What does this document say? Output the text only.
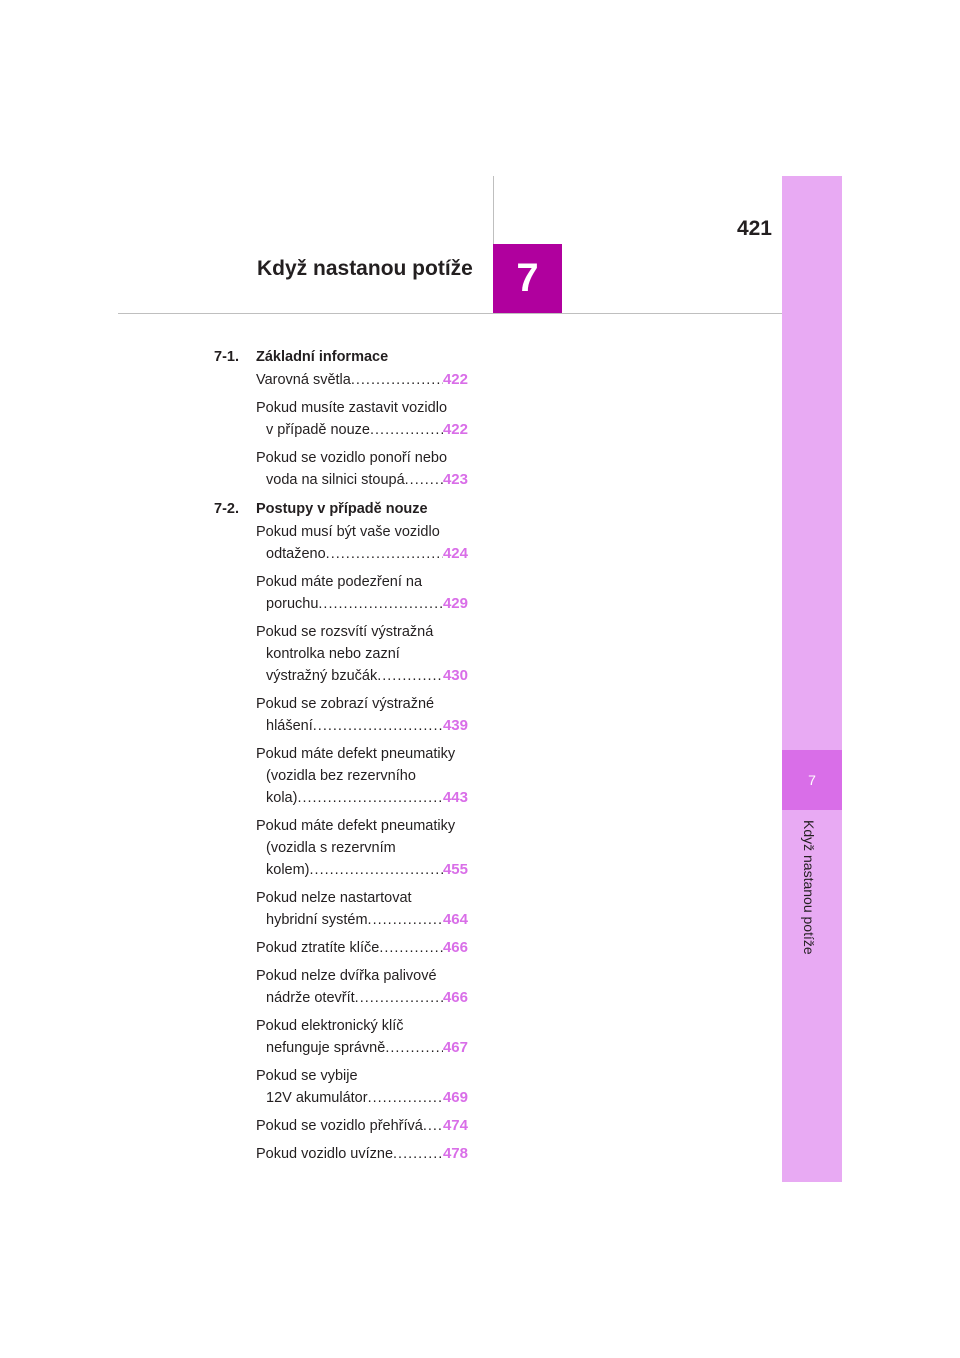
421
Když nastanou potíže	7
7
Když nastanou potíže
7-1.	Základní informace
Varovná světla .....	422
Pokud musíte zastavit vozidlo
v případě nouze .....	422
Pokud se vozidlo ponoří nebo
voda na silnici stoupá .....	423
7-2.	Postupy v případě nouze
Pokud musí být vaše vozidlo
odtaženo .....	424
Pokud máte podezření na
poruchu .....	429
Pokud se rozsvítí výstražná
kontrolka nebo zazní
výstražný bzučák .....	430
Pokud se zobrazí výstražné
hlášení .....	439
Pokud máte defekt pneumatiky
(vozidla bez rezervního
kola) .....	443
Pokud máte defekt pneumatiky
(vozidla s rezervním
kolem) .....	455
Pokud nelze nastartovat
hybridní systém .....	464
Pokud ztratíte klíče .....	466
Pokud nelze dvířka palivové
nádrže otevřít .....	466
Pokud elektronický klíč
nefunguje správně .....	467
Pokud se vybije
12V akumulátor .....	469
Pokud se vozidlo přehřívá ..... 474
Pokud vozidlo uvízne .....	478
